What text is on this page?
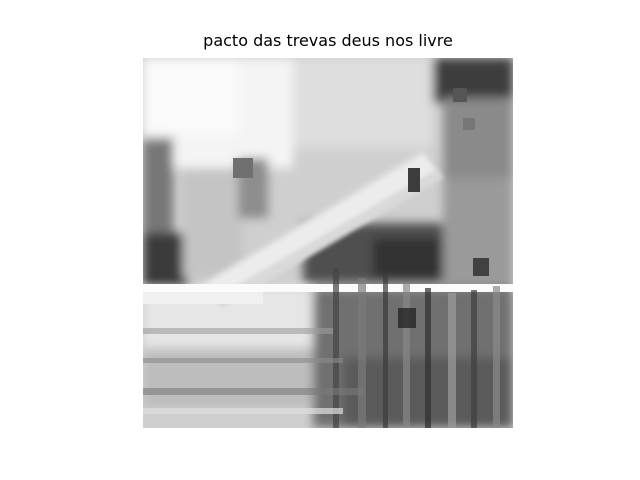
pacto das trevas deus nos livre
